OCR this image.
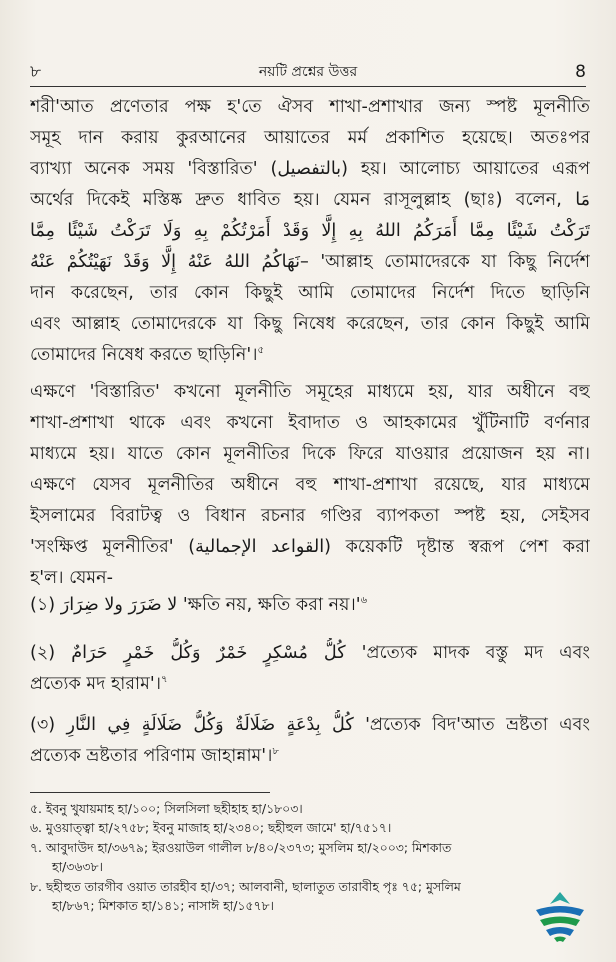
৮	নয়টি প্রশ্নের উত্তর	8
শরী'আত প্রণেতার পক্ষ হ'তে ঐসব শাখা-প্রশাখার জন্য স্পষ্ট মূলনীতি
সমূহ দান করায় কুরআনের আয়াতের মর্ম প্রকাশিত হয়েছে। অতঃপর
ব্যাখ্যা অনেক সময় 'বিস্তারিত' (بالتفصيل) হয়। আলোচ্য আয়াতের এরূপ
অর্থের দিকেই মস্তিষ্ক দ্রুত ধাবিত হয়। যেমন রাসূলুল্লাহ (ছাঃ) বলেন, مَا
تَرَكْتُ شَيْئًا مِمَّا أَمَرَكُمُ اللهُ بِهِ إِلَّا وَقَدْ أَمَرْتُكُمْ بِهِ وَلَا تَرَكْتُ شَيْئًا مِمَّا
نَهَاكُمُ اللهُ عَنْهُ إِلَّا وَقَدْ نَهَيْتُكُمْ عَنْهُ– 'আল্লাহ তোমাদেরকে যা কিছু নির্দেশ
দান করেছেন, তার কোন কিছুই আমি তোমাদের নির্দেশ দিতে ছাড়িনি
এবং আল্লাহ তোমাদেরকে যা কিছু নিষেধ করেছেন, তার কোন কিছুই আমি
তোমাদের নিষেধ করতে ছাড়িনি'।$^৫$
এক্ষণে 'বিস্তারিত' কখনো মূলনীতি সমূহের মাধ্যমে হয়, যার অধীনে বহু
শাখা-প্রশাখা থাকে এবং কখনো ইবাদাত ও আহকামের খুঁটিনাটি বর্ণনার
মাধ্যমে হয়। যাতে কোন মূলনীতির দিকে ফিরে যাওয়ার প্রয়োজন হয় না।
এক্ষণে যেসব মূলনীতির অধীনে বহু শাখা-প্রশাখা রয়েছে, যার মাধ্যমে
ইসলামের বিরাটত্ব ও বিধান রচনার গণ্ডির ব্যাপকতা স্পষ্ট হয়, সেইসব
'সংক্ষিপ্ত মূলনীতির' (القواعد الإجمالية) কয়েকটি দৃষ্টান্ত স্বরূপ পেশ করা
হ'ল। যেমন-
(১) لا ضَرَرَ ولا ضِرَارَ 'ক্ষতি নয়, ক্ষতি করা $নয়।'^৬$
(২) كُلُّ مُسْكِرٍ خَمْرٌ وَكُلُّ خَمْرٍ حَرَامٌ 'প্রত্যেক মাদক বস্তু মদ এবং
প্রত্যেক মদ হারাম'।$^৭$
(৩) كُلُّ بِدْعَةٍ ضَلَالَةٌ وَكُلُّ ضَلَالَةٍ فِي النَّارِ 'প্রত্যেক বিদ'আত ভ্রষ্টতা এবং
প্রত্যেক ভ্রষ্টতার পরিণাম জাহান্নাম'।$^৮$
৫. ইবনু খুযায়মাহ হা/১০০; সিলসিলা ছহীহাহ হা/১৮০৩।
৬. মুওয়াত্ত্বা হা/২৭৫৮; ইবনু মাজাহ হা/২৩৪০; ছহীহুল জামে' হা/৭৫১৭।
৭. আবুদাউদ হা/৩৬৭৯; ইরওয়াউল গালীল ৮/৪০/২৩৭৩; মুসলিম হা/২০০৩; মিশকাত
হা/৩৬৩৮।
৮. ছহীহুত তারগীব ওয়াত তারহীব হা/৩৭; আলবানী, ছালাতুত তারাবীহ পৃঃ ৭৫; মুসলিম
হা/৮৬৭; মিশকাত হা/১৪১; নাসাঈ হা/১৫৭৮।
